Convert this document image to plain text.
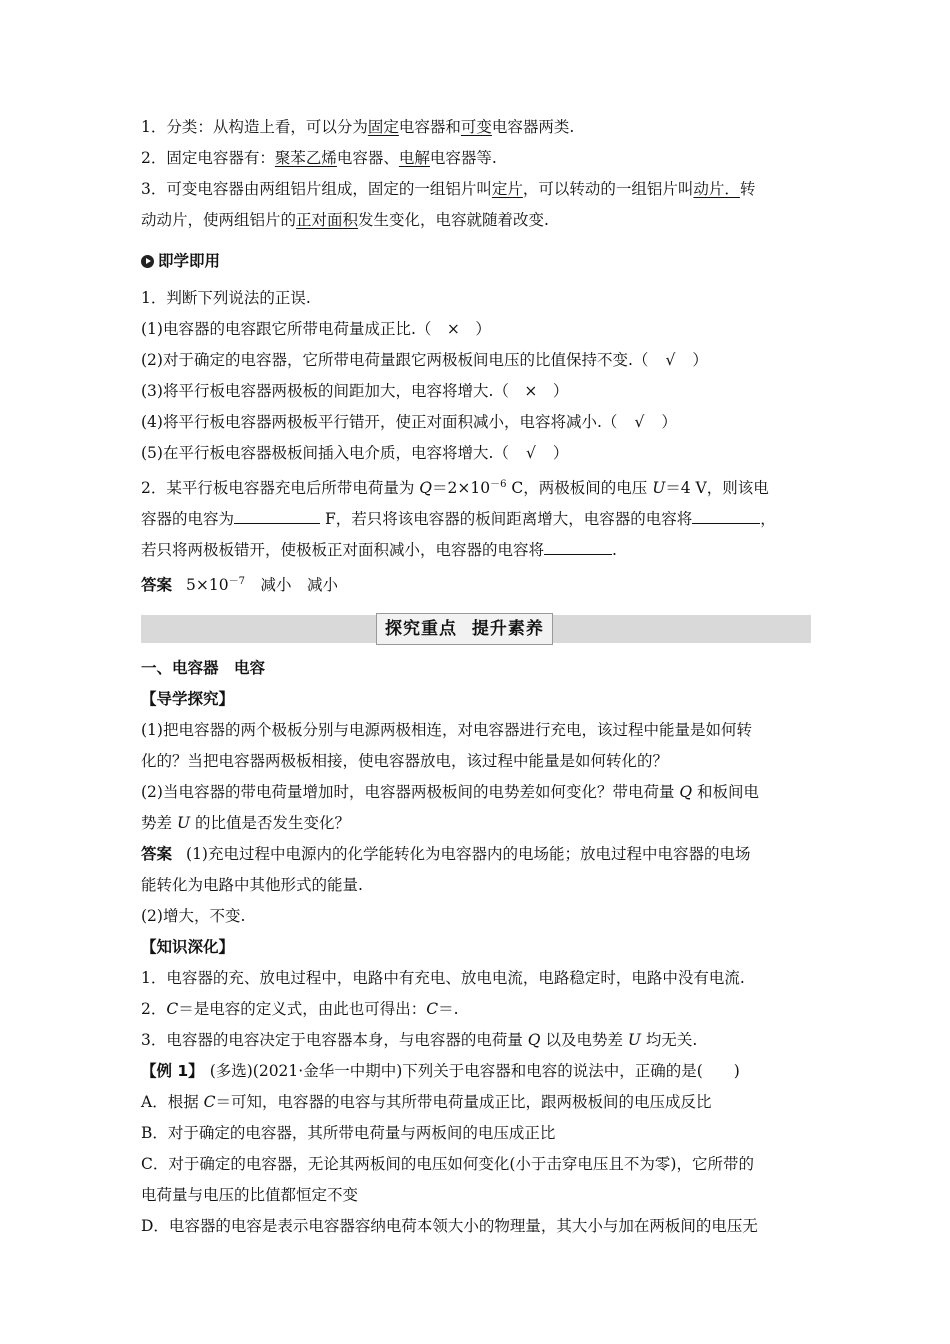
1．分类：从构造上看，可以分为固定电容器和可变电容器两类.
2．固定电容器有：聚苯乙烯电容器、电解电容器等.
3．可变电容器由两组铝片组成，固定的一组铝片叫定片，可以转动的一组铝片叫动片．转
动动片，使两组铝片的正对面积发生变化，电容就随着改变.
即学即用
1．判断下列说法的正误.
(1)电容器的电容跟它所带电荷量成正比.（ × ）
(2)对于确定的电容器，它所带电荷量跟它两极板间电压的比值保持不变.（ √ ）
(3)将平行板电容器两极板的间距加大，电容将增大.（ × ）
(4)将平行板电容器两极板平行错开，使正对面积减小，电容将减小.（ √ ）
(5)在平行板电容器极板间插入电介质，电容将增大.（ √ ）
2．某平行板电容器充电后所带电荷量为 $Q=2\times 10^{-6}$ C，两极板间的电压 U＝4 V，则该电
容器的电容为	F，若只将该电容器的板间距离增大，电容器的电容将	，
若只将两极板错开，使极板正对面积减小，电容器的电容将	.
答案 $5\times 10^{-7}$　减小　减小
探究重点 提升素养
一、电容器　电容
【导学探究】
(1)把电容器的两个极板分别与电源两极相连，对电容器进行充电，该过程中能量是如何转
化的？当把电容器两极板相接，使电容器放电，该过程中能量是如何转化的？
(2)当电容器的带电荷量增加时，电容器两极板间的电势差如何变化？带电荷量 Q 和板间电
势差 U 的比值是否发生变化？
答案 (1)充电过程中电源内的化学能转化为电容器内的电场能；放电过程中电容器的电场
能转化为电路中其他形式的能量.
(2)增大，不变.
【知识深化】
1．电容器的充、放电过程中，电路中有充电、放电电流，电路稳定时，电路中没有电流.
2．C＝是电容的定义式，由此也可得出：C＝.
3．电容器的电容决定于电容器本身，与电容器的电荷量 Q 以及电势差 U 均无关.
【例 1】 (多选)(2021·金华一中期中)下列关于电容器和电容的说法中，正确的是(　　)
A．根据 C＝可知，电容器的电容与其所带电荷量成正比，跟两极板间的电压成反比
B．对于确定的电容器，其所带电荷量与两板间的电压成正比
C．对于确定的电容器，无论其两板间的电压如何变化(小于击穿电压且不为零)，它所带的
电荷量与电压的比值都恒定不变
D．电容器的电容是表示电容器容纳电荷本领大小的物理量，其大小与加在两板间的电压无
